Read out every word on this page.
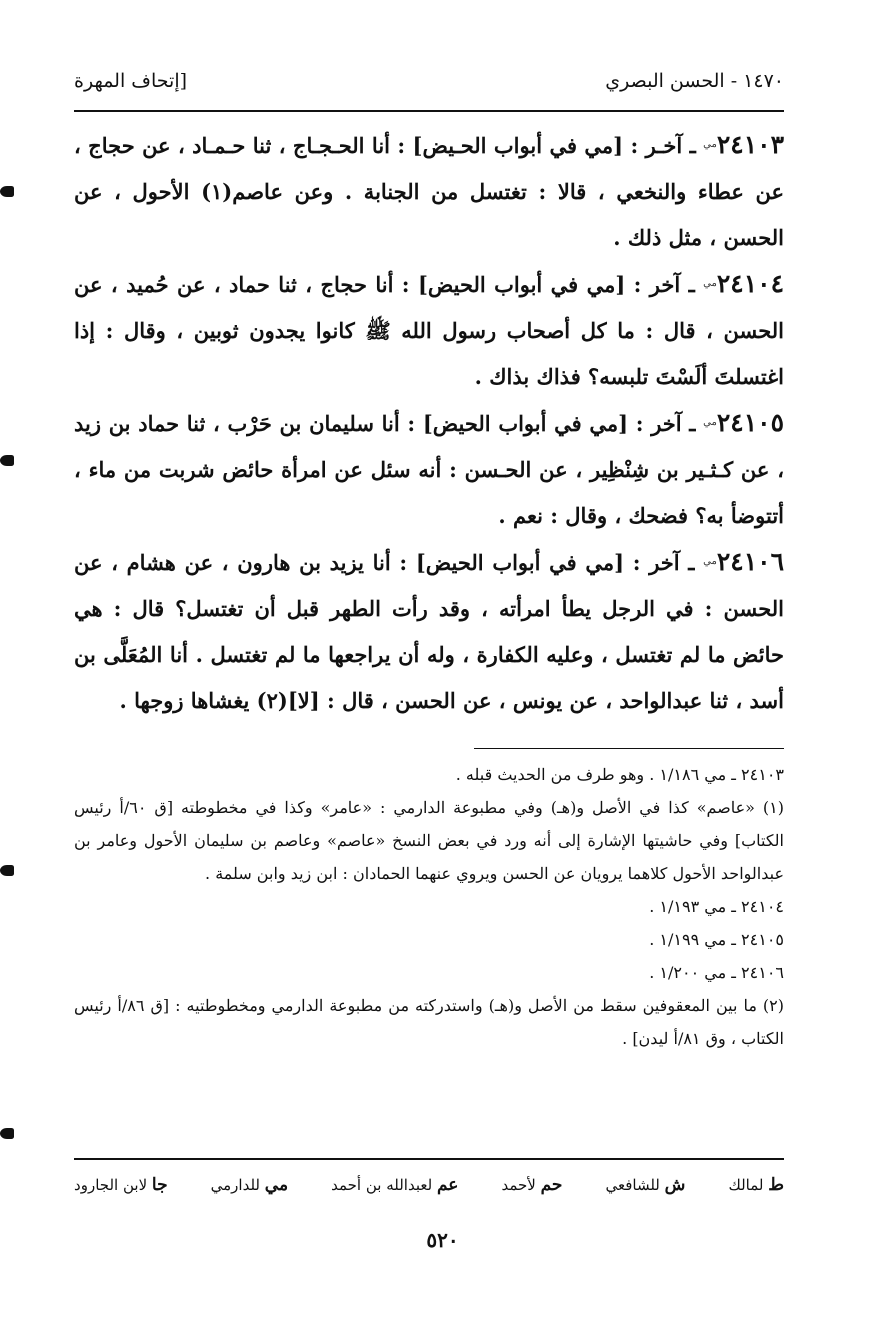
١٤٧٠ - الحسن البصري
[إتحاف المهرة

$٢٤١٠٣^{مي}$ ـ آخـر : [مي في أبواب الحـيض] : أنا الحـجـاج ، ثنا حـمـاد ، عن حجاج ، عن عطاء والنخعي ، قالا : تغتسل من الجنابة . وعن عاصم(١) الأحول ، عن الحسن ، مثل ذلك .

$٢٤١٠٤^{مي}$ ـ آخر : [مي في أبواب الحيض] : أنا حجاج ، ثنا حماد ، عن حُميد ، عن الحسن ، قال : ما كل أصحاب رسول الله ﷺ كانوا يجدون ثوبين ، وقال : إذا اغتسلتَ ألَسْتَ تلبسه؟ فذاك بذاك .

$٢٤١٠٥^{مي}$ ـ آخر : [مي في أبواب الحيض] : أنا سليمان بن حَرْب ، ثنا حماد بن زيد ، عن كـثـير بن شِنْظِير ، عن الحـسن : أنه سئل عن امرأة حائض شربت من ماء ، أتتوضأ به؟ فضحك ، وقال : نعم .

$٢٤١٠٦^{مي}$ ـ آخر : [مي في أبواب الحيض] : أنا يزيد بن هارون ، عن هشام ، عن الحسن : في الرجل يطأ امرأته ، وقد رأت الطهر قبل أن تغتسل؟ قال : هي حائض ما لم تغتسل ، وعليه الكفارة ، وله أن يراجعها ما لم تغتسل . أنا المُعَلَّى بن أسد ، ثنا عبدالواحد ، عن يونس ، عن الحسن ، قال : [لا](٢) يغشاها زوجها .

٢٤١٠٣ ـ مي ١/١٨٦ . وهو طرف من الحديث قبله .

(١) «عاصم» كذا في الأصل و(هـ) وفي مطبوعة الدارمي : «عامر» وكذا في مخطوطته [ق ٦٠/أ رئيس الكتاب] وفي حاشيتها الإشارة إلى أنه ورد في بعض النسخ «عاصم» وعاصم بن سليمان الأحول وعامر بن عبدالواحد الأحول كلاهما يرويان عن الحسن ويروي عنهما الحمادان : ابن زيد وابن سلمة .

٢٤١٠٤ ـ مي ١/١٩٣ .

٢٤١٠٥ ـ مي ١/١٩٩ .

٢٤١٠٦ ـ مي ١/٢٠٠ .

(٢) ما بين المعقوفين سقط من الأصل و(هـ) واستدركته من مطبوعة الدارمي ومخطوطتيه : [ق ٨٦/أ رئيس الكتاب ، وق ٨١/أ ليدن] .

ط لمالك
ش للشافعي
حم لأحمد
عم لعبدالله بن أحمد
مي للدارمي
جا لابن الجارود
٥٢٠
